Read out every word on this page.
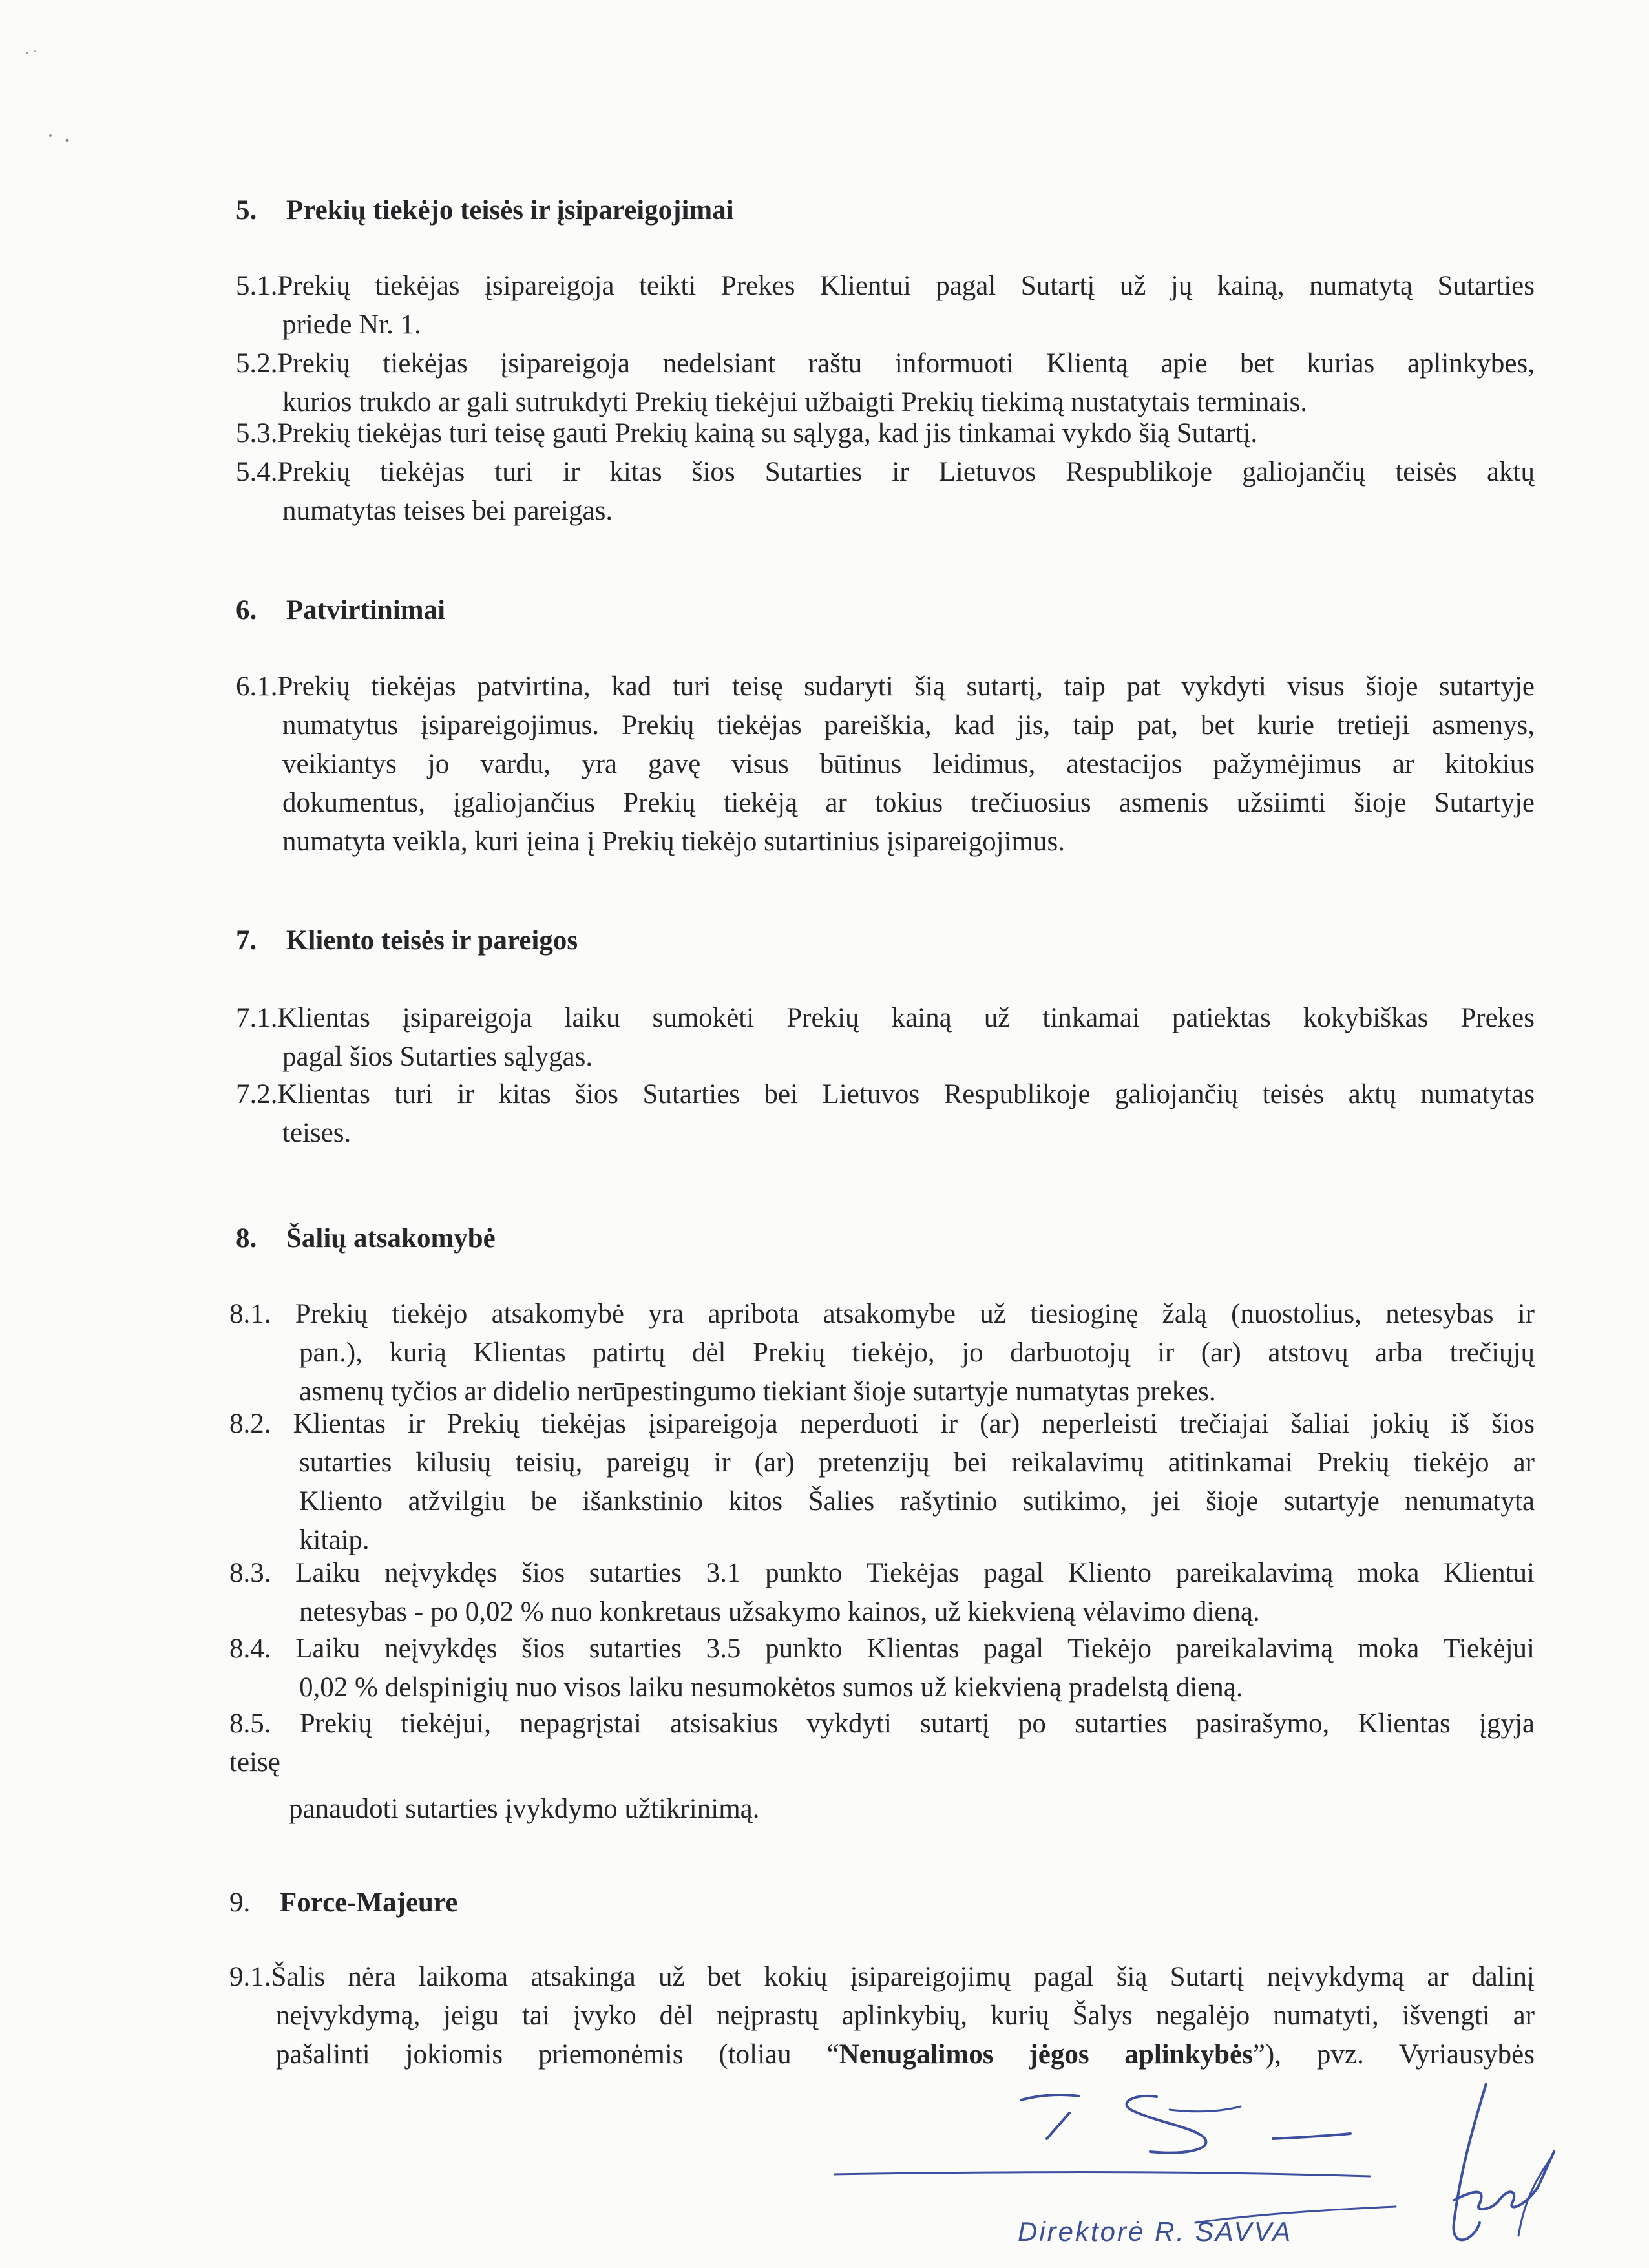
5. Prekių tiekėjo teisės ir įsipareigojimai
5.1.Prekių tiekėjas įsipareigoja teikti Prekes Klientui pagal Sutartį už jų kainą, numatytą Sutarties
priede Nr. 1.
5.2.Prekių tiekėjas įsipareigoja nedelsiant raštu informuoti Klientą apie bet kurias aplinkybes,
kurios trukdo ar gali sutrukdyti Prekių tiekėjui užbaigti Prekių tiekimą nustatytais terminais.
5.3.Prekių tiekėjas turi teisę gauti Prekių kainą su sąlyga, kad jis tinkamai vykdo šią Sutartį.
5.4.Prekių tiekėjas turi ir kitas šios Sutarties ir Lietuvos Respublikoje galiojančių teisės aktų
numatytas teises bei pareigas.
6. Patvirtinimai
6.1.Prekių tiekėjas patvirtina, kad turi teisę sudaryti šią sutartį, taip pat vykdyti visus šioje sutartyje
numatytus įsipareigojimus. Prekių tiekėjas pareiškia, kad jis, taip pat, bet kurie tretieji asmenys,
veikiantys jo vardu, yra gavę visus būtinus leidimus, atestacijos pažymėjimus ar kitokius
dokumentus, įgaliojančius Prekių tiekėją ar tokius trečiuosius asmenis užsiimti šioje Sutartyje
numatyta veikla, kuri įeina į Prekių tiekėjo sutartinius įsipareigojimus.
7. Kliento teisės ir pareigos
7.1.Klientas įsipareigoja laiku sumokėti Prekių kainą už tinkamai patiektas kokybiškas Prekes
pagal šios Sutarties sąlygas.
7.2.Klientas turi ir kitas šios Sutarties bei Lietuvos Respublikoje galiojančių teisės aktų numatytas
teises.
8. Šalių atsakomybė
8.1. Prekių tiekėjo atsakomybė yra apribota atsakomybe už tiesioginę žalą (nuostolius, netesybas ir
pan.), kurią Klientas patirtų dėl Prekių tiekėjo, jo darbuotojų ir (ar) atstovų arba trečiųjų
asmenų tyčios ar didelio nerūpestingumo tiekiant šioje sutartyje numatytas prekes.
8.2. Klientas ir Prekių tiekėjas įsipareigoja neperduoti ir (ar) neperleisti trečiajai šaliai jokių iš šios
sutarties kilusių teisių, pareigų ir (ar) pretenzijų bei reikalavimų atitinkamai Prekių tiekėjo ar
Kliento atžvilgiu be išankstinio kitos Šalies rašytinio sutikimo, jei šioje sutartyje nenumatyta
kitaip.
8.3. Laiku neįvykdęs šios sutarties 3.1 punkto Tiekėjas pagal Kliento pareikalavimą moka Klientui
netesybas - po 0,02 % nuo konkretaus užsakymo kainos, už kiekvieną vėlavimo dieną.
8.4. Laiku neįvykdęs šios sutarties 3.5 punkto Klientas pagal Tiekėjo pareikalavimą moka Tiekėjui
0,02 % delspinigių nuo visos laiku nesumokėtos sumos už kiekvieną pradelstą dieną.
8.5. Prekių tiekėjui, nepagrįstai atsisakius vykdyti sutartį po sutarties pasirašymo, Klientas įgyja
teisę
panaudoti sutarties įvykdymo užtikrinimą.
9. Force-Majeure
9.1.Šalis nėra laikoma atsakinga už bet kokių įsipareigojimų pagal šią Sutartį neįvykdymą ar dalinį
neįvykdymą, jeigu tai įvyko dėl neįprastų aplinkybių, kurių Šalys negalėjo numatyti, išvengti ar
pašalinti jokiomis priemonėmis (toliau “Nenugalimos jėgos aplinkybės”), pvz. Vyriausybės
Direktorė R. SAVVA
